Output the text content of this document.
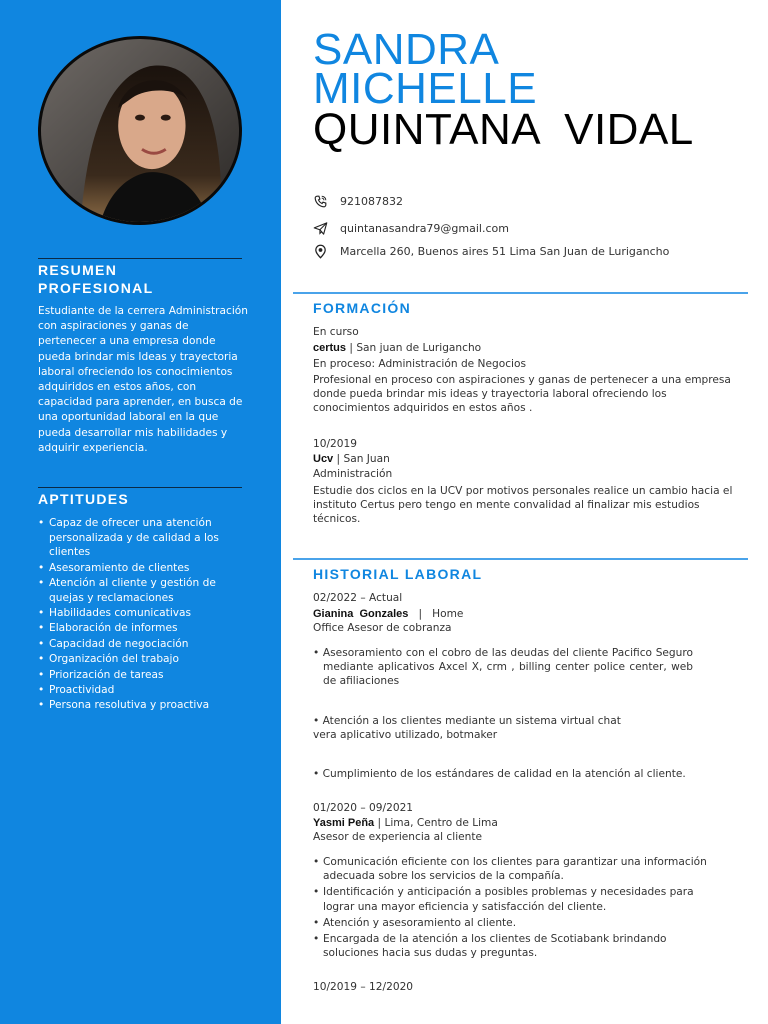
RESUMEN
PROFESIONAL
Estudiante de la cerrera Administración con aspiraciones y ganas de pertenecer a una empresa donde pueda brindar mis Ideas y trayectoria laboral ofreciendo los conocimientos adquiridos en estos años, con capacidad para aprender, en busca de una oportunidad laboral en la que pueda desarrollar mis habilidades y adquirir experiencia.
APTITUDES
• Capaz de ofrecer una atención personalizada y de calidad a los clientes
• Asesoramiento de clientes
• Atención al cliente y gestión de quejas y reclamaciones
• Habilidades comunicativas
• Elaboración de informes
• Capacidad de negociación
• Organización del trabajo
• Priorización de tareas
• Proactividad
• Persona resolutiva y proactiva
SANDRA
MICHELLE
QUINTANA  VIDAL
921087832
quintanasandra79@gmail.com
Marcella 260, Buenos aires 51 Lima San Juan de Lurigancho
FORMACIÓN
En curso
certus | San juan de Lurigancho
En proceso: Administración de Negocios
Profesional en proceso con aspiraciones y ganas de pertenecer a una empresa donde pueda brindar mis ideas y trayectoria laboral ofreciendo los conocimientos adquiridos en estos años .
10/2019
Ucv | San Juan
Administración
Estudie dos ciclos en la UCV por motivos personales realice un cambio hacia el instituto Certus pero tengo en mente convalidad al finalizar mis estudios técnicos.
HISTORIAL LABORAL
02/2022 – Actual
Gianina  Gonzales   |   Home
Office Asesor de cobranza
• Asesoramiento con el cobro de las deudas del cliente Pacifico Seguro mediante aplicativos Axcel X, crm , billing center police center, web de afiliaciones
• Atención a los clientes mediante un sistema virtual chat
vera aplicativo utilizado, botmaker
• Cumplimiento de los estándares de calidad en la atención al cliente.
01/2020 – 09/2021
Yasmi Peña | Lima, Centro de Lima
Asesor de experiencia al cliente
• Comunicación eficiente con los clientes para garantizar una información adecuada sobre los servicios de la compañía.
• Identificación y anticipación a posibles problemas y necesidades para lograr una mayor eficiencia y satisfacción del cliente.
• Atención y asesoramiento al cliente.
• Encargada de la atención a los clientes de Scotiabank brindando soluciones hacia sus dudas y preguntas.
10/2019 – 12/2020
